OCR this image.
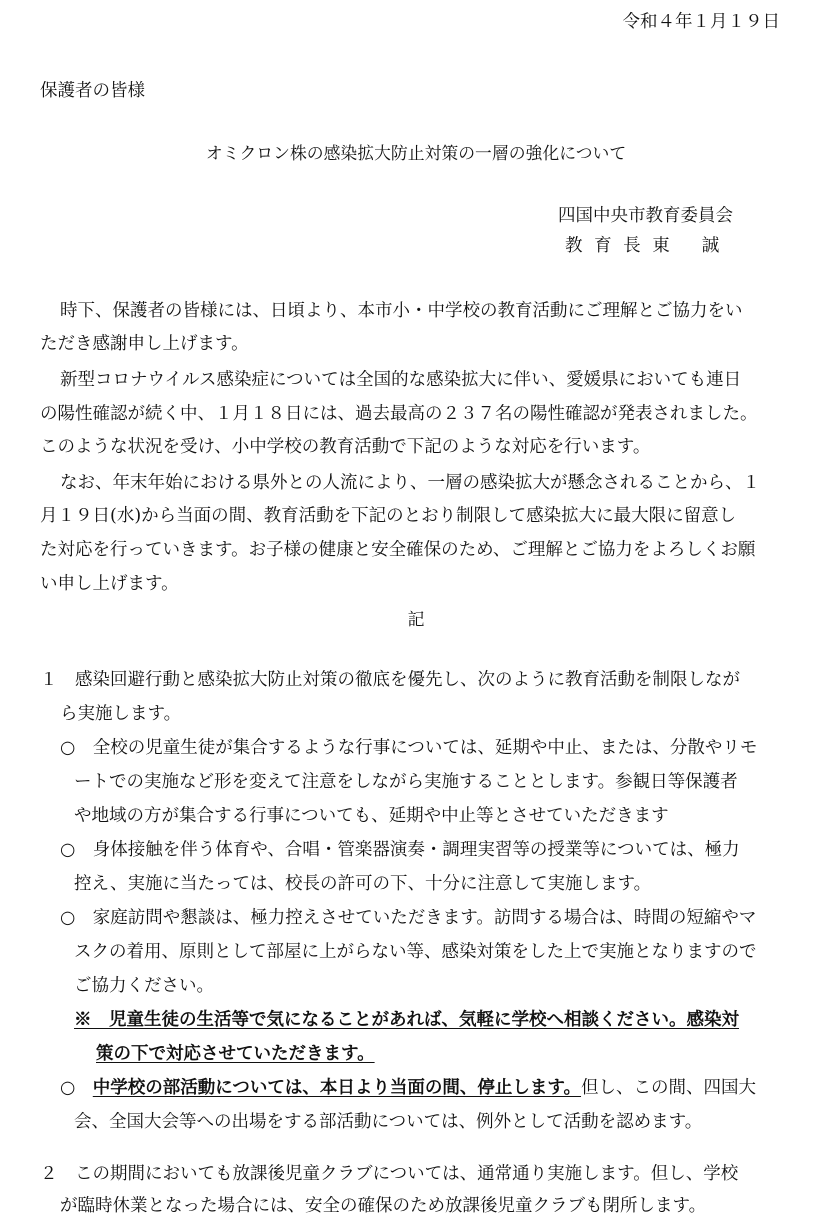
令和４年１月１９日
保護者の皆様
オミクロン株の感染拡大防止対策の一層の強化について
四国中央市教育委員会
教 育 長 東　 誠
時下、保護者の皆様には、日頃より、本市小・中学校の教育活動にご理解とご協力をい
ただき感謝申し上げます。
新型コロナウイルス感染症については全国的な感染拡大に伴い、愛媛県においても連日
の陽性確認が続く中、１月１８日には、過去最高の２３７名の陽性確認が発表されました。
このような状況を受け、小中学校の教育活動で下記のような対応を行います。
なお、年末年始における県外との人流により、一層の感染拡大が懸念されることから、１
月１９日(水)から当面の間、教育活動を下記のとおり制限して感染拡大に最大限に留意し
た対応を行っていきます。お子様の健康と安全確保のため、ご理解とご協力をよろしくお願
い申し上げます。
記
１　感染回避行動と感染拡大防止対策の徹底を優先し、次のように教育活動を制限しなが
ら実施します。
○　全校の児童生徒が集合するような行事については、延期や中止、または、分散やリモ
ートでの実施など形を変えて注意をしながら実施することとします。参観日等保護者
や地域の方が集合する行事についても、延期や中止等とさせていただきます
○　身体接触を伴う体育や、合唱・管楽器演奏・調理実習等の授業等については、極力
控え、実施に当たっては、校長の許可の下、十分に注意して実施します。
○　家庭訪問や懇談は、極力控えさせていただきます。訪問する場合は、時間の短縮やマ
スクの着用、原則として部屋に上がらない等、感染対策をした上で実施となりますので
ご協力ください。
※　児童生徒の生活等で気になることがあれば、気軽に学校へ相談ください。感染対
策の下で対応させていただきます。
○　中学校の部活動については、本日より当面の間、停止します。但し、この間、四国大
会、全国大会等への出場をする部活動については、例外として活動を認めます。
２　この期間においても放課後児童クラブについては、通常通り実施します。但し、学校
が臨時休業となった場合には、安全の確保のため放課後児童クラブも閉所します。
